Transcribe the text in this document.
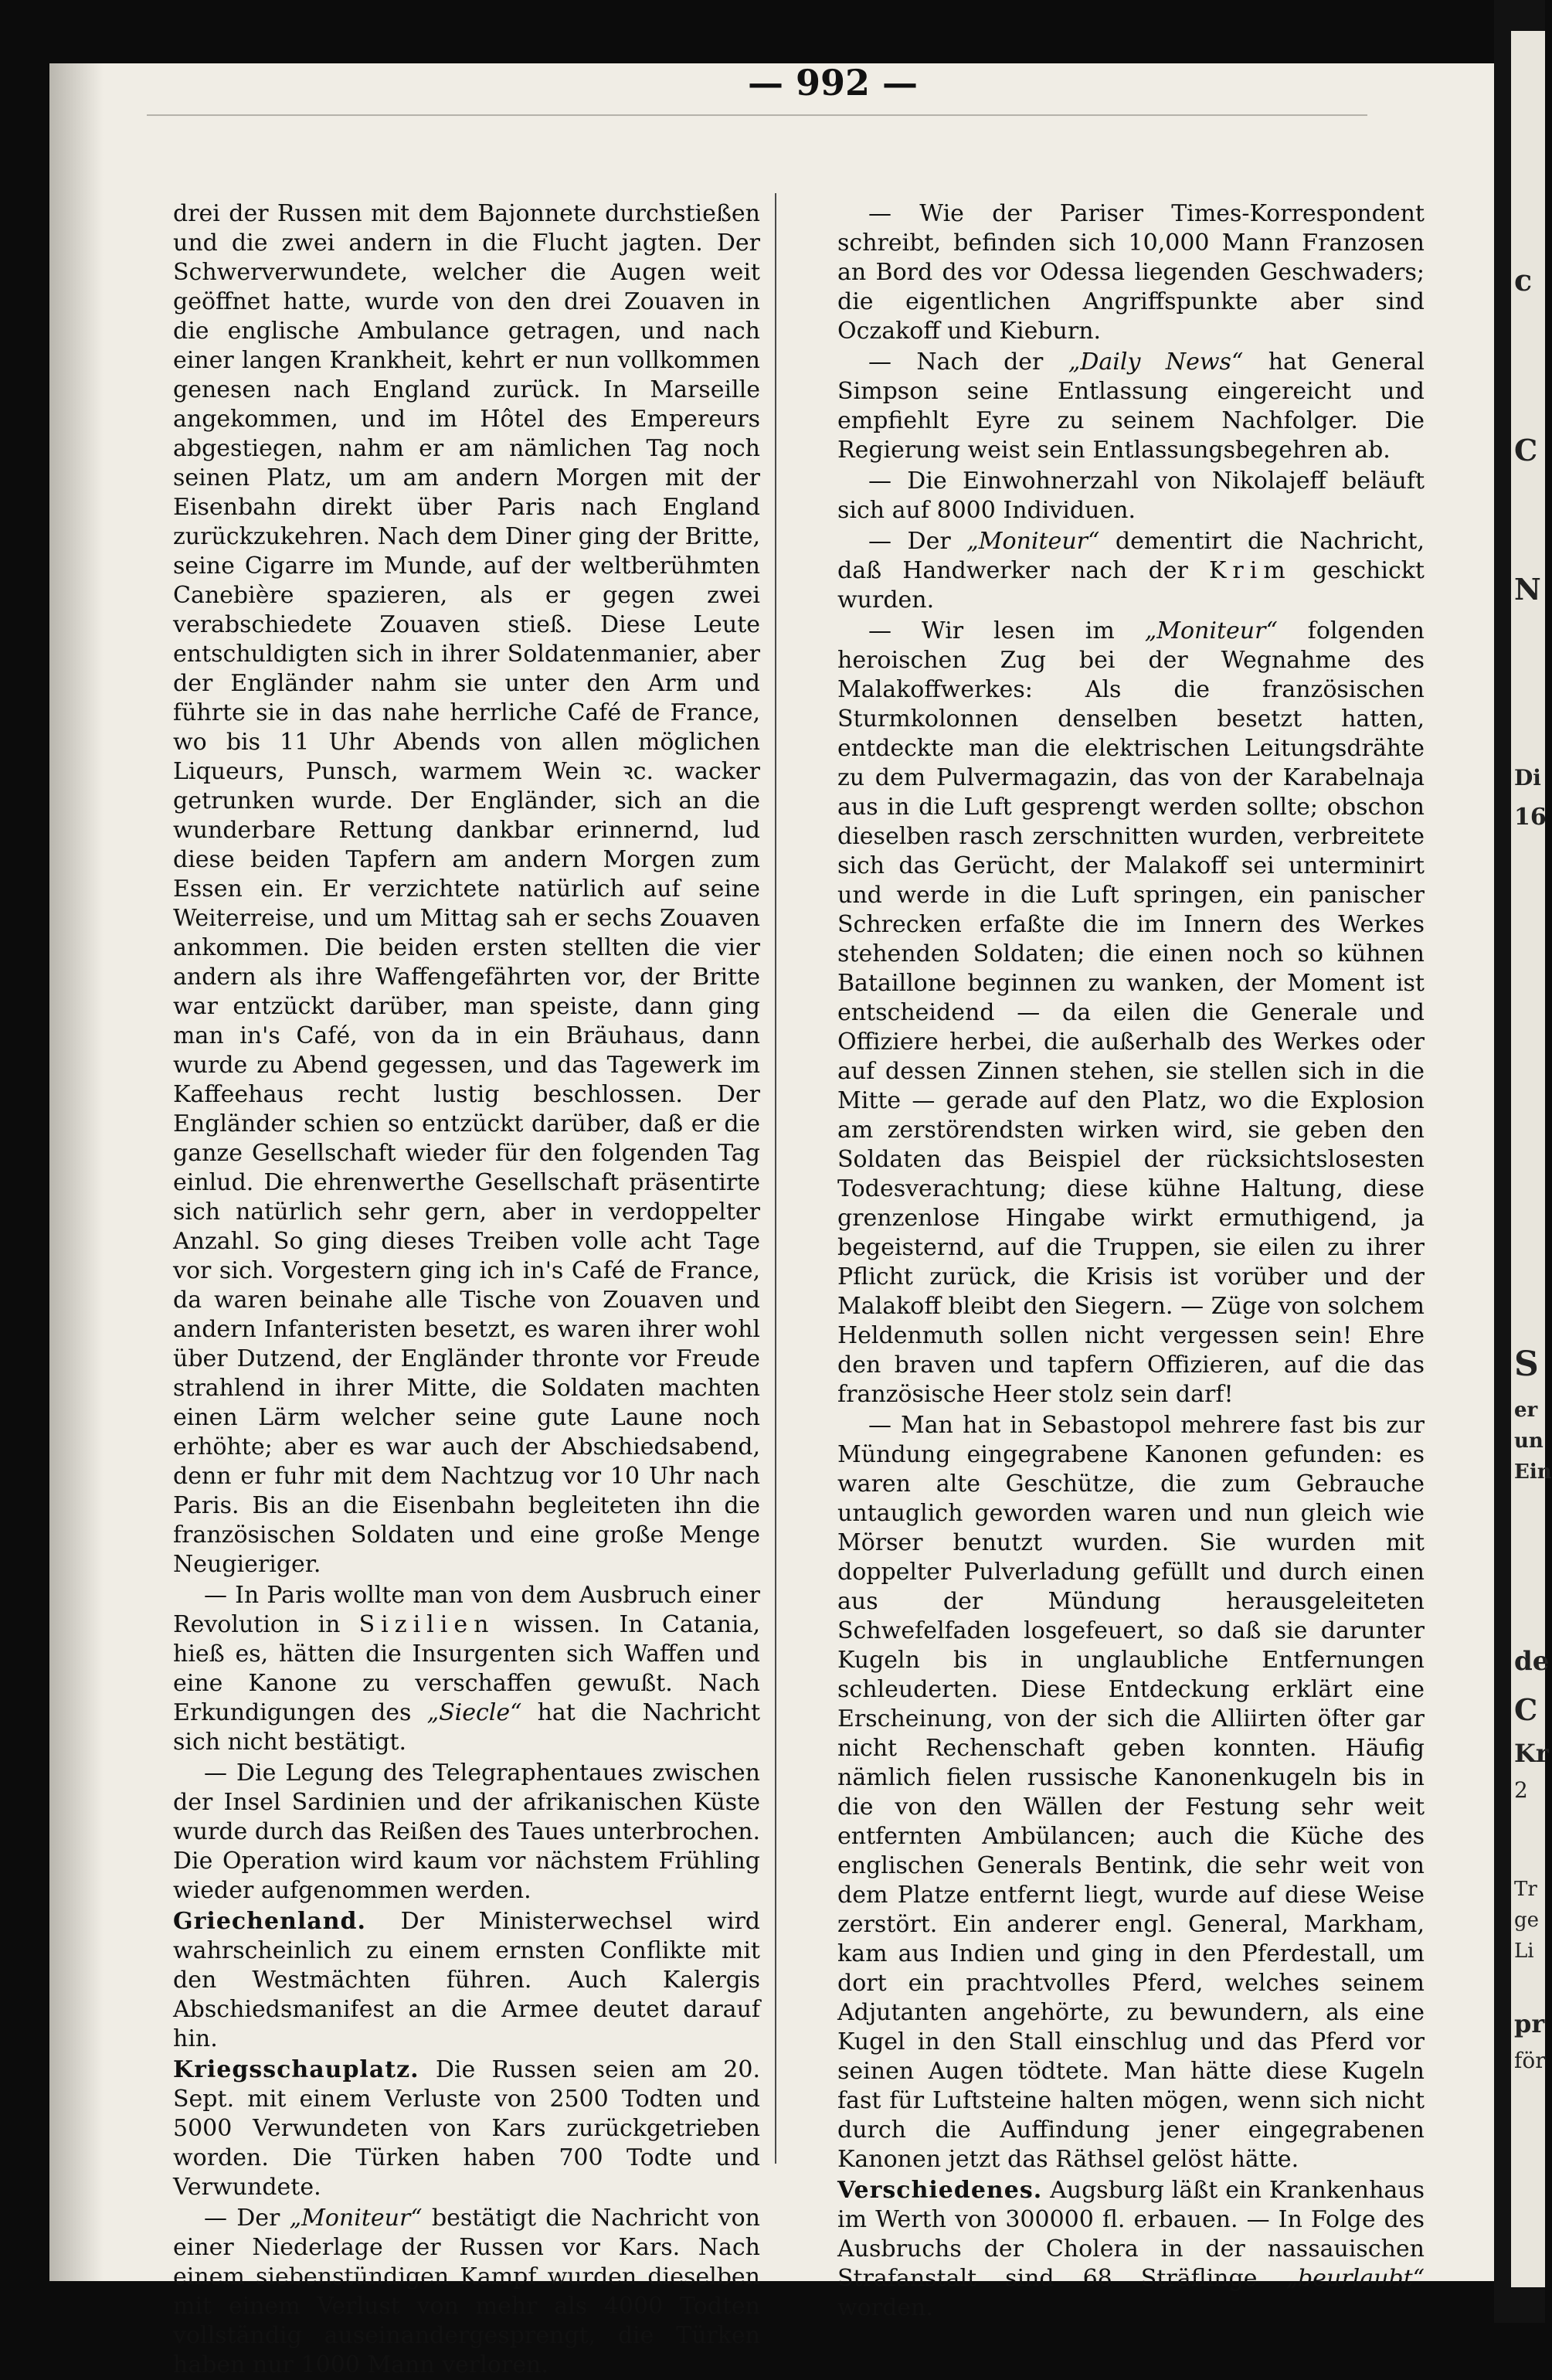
— 992 —

drei der Russen mit dem Bajonnete durchstießen und die zwei andern in die Flucht jagten. Der Schwerverwundete, welcher die Augen weit geöffnet hatte, wurde von den drei Zouaven in die englische Ambulance getragen, und nach einer langen Krankheit, kehrt er nun vollkommen genesen nach England zurück. In Marseille angekommen, und im Hôtel des Empereurs abgestiegen, nahm er am nämlichen Tag noch seinen Platz, um am andern Morgen mit der Eisenbahn direkt über Paris nach England zurückzukehren. Nach dem Diner ging der Britte, seine Cigarre im Munde, auf der weltberühmten Canebière spazieren, als er gegen zwei verabschiedete Zouaven stieß. Diese Leute entschuldigten sich in ihrer Soldatenmanier, aber der Engländer nahm sie unter den Arm und führte sie in das nahe herrliche Café de France, wo bis 11 Uhr Abends von allen möglichen Liqueurs, Punsch, warmem Wein ꝛc. wacker getrunken wurde. Der Engländer, sich an die wunderbare Rettung dankbar erinnernd, lud diese beiden Tapfern am andern Morgen zum Essen ein. Er verzichtete natürlich auf seine Weiterreise, und um Mittag sah er sechs Zouaven ankommen. Die beiden ersten stellten die vier andern als ihre Waffengefährten vor, der Britte war entzückt darüber, man speiste, dann ging man in's Café, von da in ein Bräuhaus, dann wurde zu Abend gegessen, und das Tagewerk im Kaffeehaus recht lustig beschlossen. Der Engländer schien so entzückt darüber, daß er die ganze Gesellschaft wieder für den folgenden Tag einlud. Die ehrenwerthe Gesellschaft präsentirte sich natürlich sehr gern, aber in verdoppelter Anzahl. So ging dieses Treiben volle acht Tage vor sich. Vorgestern ging ich in's Café de France, da waren beinahe alle Tische von Zouaven und andern Infanteristen besetzt, es waren ihrer wohl über Dutzend, der Engländer thronte vor Freude strahlend in ihrer Mitte, die Soldaten machten einen Lärm welcher seine gute Laune noch erhöhte; aber es war auch der Abschiedsabend, denn er fuhr mit dem Nachtzug vor 10 Uhr nach Paris. Bis an die Eisenbahn begleiteten ihn die französischen Soldaten und eine große Menge Neugieriger.

— In Paris wollte man von dem Ausbruch einer Revolution in Sizilien wissen. In Catania, hieß es, hätten die Insurgenten sich Waffen und eine Kanone zu verschaffen gewußt. Nach Erkundigungen des „Siecle“ hat die Nachricht sich nicht bestätigt.

— Die Legung des Telegraphentaues zwischen der Insel Sardinien und der afrikanischen Küste wurde durch das Reißen des Taues unterbrochen. Die Operation wird kaum vor nächstem Frühling wieder aufgenommen werden.

Griechenland. Der Ministerwechsel wird wahrscheinlich zu einem ernsten Conflikte mit den Westmächten führen. Auch Kalergis Abschiedsmanifest an die Armee deutet darauf hin.

Kriegsschauplatz. Die Russen seien am 20. Sept. mit einem Verluste von 2500 Todten und 5000 Verwundeten von Kars zurückgetrieben worden. Die Türken haben 700 Todte und Verwundete.

— Der „Moniteur“ bestätigt die Nachricht von einer Niederlage der Russen vor Kars. Nach einem siebenstündigen Kampf wurden dieselben mit einem Verlust von mehr als 4000 Todten vollständig auseinandergesprengt, die Türken haben nur 1000 Mann verloren.

— Wie der Pariser Times-Korrespondent schreibt, befinden sich 10,000 Mann Franzosen an Bord des vor Odessa liegenden Geschwaders; die eigentlichen Angriffspunkte aber sind Oczakoff und Kieburn.

— Nach der „Daily News“ hat General Simpson seine Entlassung eingereicht und empfiehlt Eyre zu seinem Nachfolger. Die Regierung weist sein Entlassungsbegehren ab.

— Die Einwohnerzahl von Nikolajeff beläuft sich auf 8000 Individuen.

— Der „Moniteur“ dementirt die Nachricht, daß Handwerker nach der Krim geschickt wurden.

— Wir lesen im „Moniteur“ folgenden heroischen Zug bei der Wegnahme des Malakoffwerkes: Als die französischen Sturmkolonnen denselben besetzt hatten, entdeckte man die elektrischen Leitungsdrähte zu dem Pulvermagazin, das von der Karabelnaja aus in die Luft gesprengt werden sollte; obschon dieselben rasch zerschnitten wurden, verbreitete sich das Gerücht, der Malakoff sei unterminirt und werde in die Luft springen, ein panischer Schrecken erfaßte die im Innern des Werkes stehenden Soldaten; die einen noch so kühnen Bataillone beginnen zu wanken, der Moment ist entscheidend — da eilen die Generale und Offiziere herbei, die außerhalb des Werkes oder auf dessen Zinnen stehen, sie stellen sich in die Mitte — gerade auf den Platz, wo die Explosion am zerstörendsten wirken wird, sie geben den Soldaten das Beispiel der rücksichtslosesten Todesverachtung; diese kühne Haltung, diese grenzenlose Hingabe wirkt ermuthigend, ja begeisternd, auf die Truppen, sie eilen zu ihrer Pflicht zurück, die Krisis ist vorüber und der Malakoff bleibt den Siegern. — Züge von solchem Heldenmuth sollen nicht vergessen sein! Ehre den braven und tapfern Offizieren, auf die das französische Heer stolz sein darf!

— Man hat in Sebastopol mehrere fast bis zur Mündung eingegrabene Kanonen gefunden: es waren alte Geschütze, die zum Gebrauche untauglich geworden waren und nun gleich wie Mörser benutzt wurden. Sie wurden mit doppelter Pulverladung gefüllt und durch einen aus der Mündung herausgeleiteten Schwefelfaden losgefeuert, so daß sie darunter Kugeln bis in unglaubliche Entfernungen schleuderten. Diese Entdeckung erklärt eine Erscheinung, von der sich die Alliirten öfter gar nicht Rechenschaft geben konnten. Häufig nämlich fielen russische Kanonenkugeln bis in die von den Wällen der Festung sehr weit entfernten Ambülancen; auch die Küche des englischen Generals Bentink, die sehr weit von dem Platze entfernt liegt, wurde auf diese Weise zerstört. Ein anderer engl. General, Markham, kam aus Indien und ging in den Pferdestall, um dort ein prachtvolles Pferd, welches seinem Adjutanten angehörte, zu bewundern, als eine Kugel in den Stall einschlug und das Pferd vor seinen Augen tödtete. Man hätte diese Kugeln fast für Luftsteine halten mögen, wenn sich nicht durch die Auffindung jener eingegrabenen Kanonen jetzt das Räthsel gelöst hätte.

Verschiedenes. Augsburg läßt ein Krankenhaus im Werth von 300000 fl. erbauen. — In Folge des Ausbruchs der Cholera in der nassauischen Strafanstalt sind 68 Sträflinge „beurlaubt“ worden.

c
C
N
Di
16
S
er
un
Ein
de
C
Kr
2
Tr
ge
Li
pr
för
